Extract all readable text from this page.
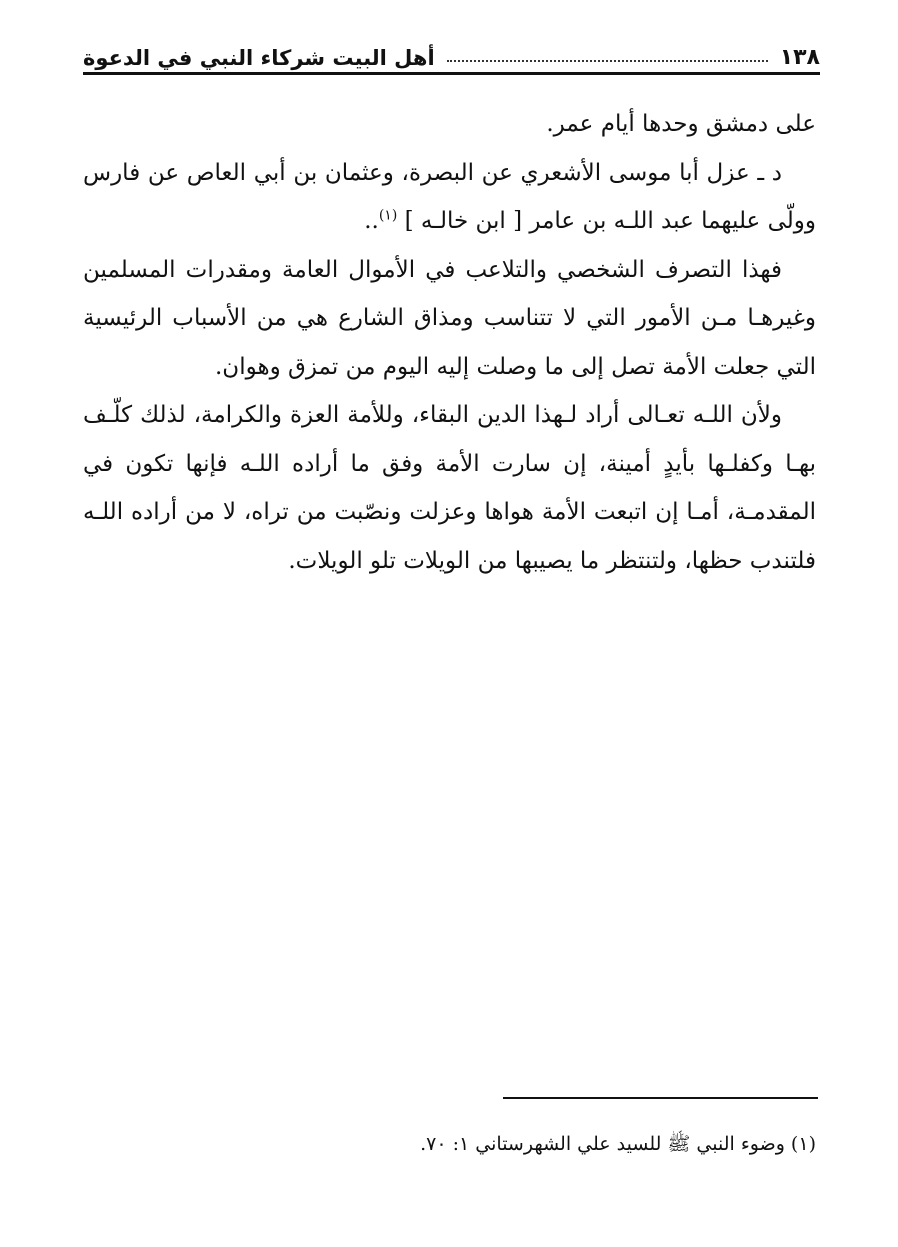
١٣٨
أهل البيت شركاء النبي في الدعوة

على دمشق وحدها أيام عمر.

د ـ عزل أبا موسى الأشعري عن البصرة، وعثمان بن أبي العاص عن فارس وولّى عليهما عبد اللـه بن عامر [ ابن خالـه ] $^{(١)}$..

فهذا التصرف الشخصي والتلاعب في الأموال العامة ومقدرات المسلمين وغيرهـا مـن الأمور التي لا تتناسب ومذاق الشارع هي من الأسباب الرئيسية التي جعلت الأمة تصل إلى ما وصلت إليه اليوم من تمزق وهوان.

ولأن اللـه تعـالى أراد لـهذا الدين البقاء، وللأمة العزة والكرامة، لذلك كلّـف بهـا وكفلـها بأيدٍ أمينة، إن سارت الأمة وفق ما أراده اللـه فإنها تكون في المقدمـة، أمـا إن اتبعت الأمة هواها وعزلت ونصّبت من تراه، لا من أراده اللـه فلتندب حظها، ولتنتظر ما يصيبها من الويلات تلو الويلات.

(١) وضوء النبي ﷺ للسيد علي الشهرستاني ١: ٧٠.
